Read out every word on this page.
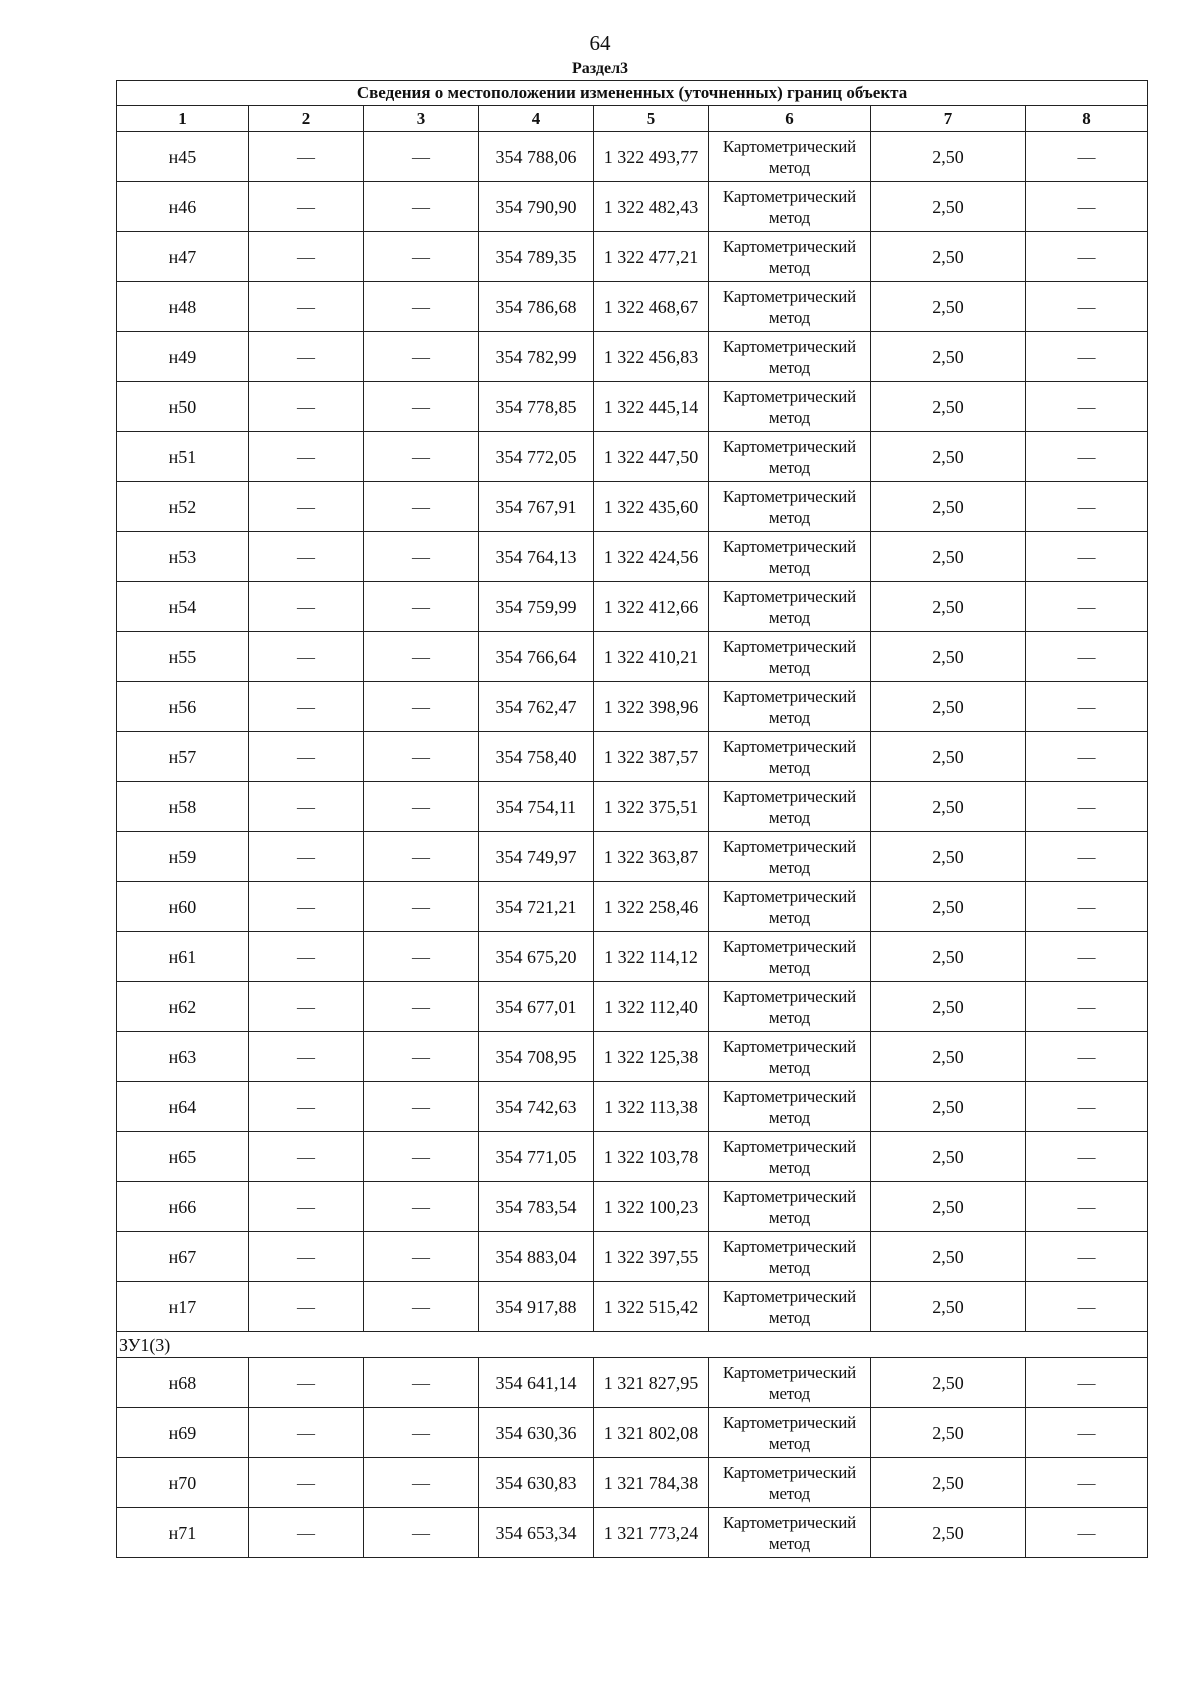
64
Раздел3
Сведения о местоположении измененных (уточненных) границ объекта							
1	2	3	4	5	6	7	8
н45	—	—	354 788,06	1 322 493,77	Картометрический метод	2,50	—
н46	—	—	354 790,90	1 322 482,43	Картометрический метод	2,50	—
н47	—	—	354 789,35	1 322 477,21	Картометрический метод	2,50	—
н48	—	—	354 786,68	1 322 468,67	Картометрический метод	2,50	—
н49	—	—	354 782,99	1 322 456,83	Картометрический метод	2,50	—
н50	—	—	354 778,85	1 322 445,14	Картометрический метод	2,50	—
н51	—	—	354 772,05	1 322 447,50	Картометрический метод	2,50	—
н52	—	—	354 767,91	1 322 435,60	Картометрический метод	2,50	—
н53	—	—	354 764,13	1 322 424,56	Картометрический метод	2,50	—
н54	—	—	354 759,99	1 322 412,66	Картометрический метод	2,50	—
н55	—	—	354 766,64	1 322 410,21	Картометрический метод	2,50	—
н56	—	—	354 762,47	1 322 398,96	Картометрический метод	2,50	—
н57	—	—	354 758,40	1 322 387,57	Картометрический метод	2,50	—
н58	—	—	354 754,11	1 322 375,51	Картометрический метод	2,50	—
н59	—	—	354 749,97	1 322 363,87	Картометрический метод	2,50	—
н60	—	—	354 721,21	1 322 258,46	Картометрический метод	2,50	—
н61	—	—	354 675,20	1 322 114,12	Картометрический метод	2,50	—
н62	—	—	354 677,01	1 322 112,40	Картометрический метод	2,50	—
н63	—	—	354 708,95	1 322 125,38	Картометрический метод	2,50	—
н64	—	—	354 742,63	1 322 113,38	Картометрический метод	2,50	—
н65	—	—	354 771,05	1 322 103,78	Картометрический метод	2,50	—
н66	—	—	354 783,54	1 322 100,23	Картометрический метод	2,50	—
н67	—	—	354 883,04	1 322 397,55	Картометрический метод	2,50	—
н17	—	—	354 917,88	1 322 515,42	Картометрический метод	2,50	—
ЗУ1(3)							
н68	—	—	354 641,14	1 321 827,95	Картометрический метод	2,50	—
н69	—	—	354 630,36	1 321 802,08	Картометрический метод	2,50	—
н70	—	—	354 630,83	1 321 784,38	Картометрический метод	2,50	—
н71	—	—	354 653,34	1 321 773,24	Картометрический метод	2,50	—
